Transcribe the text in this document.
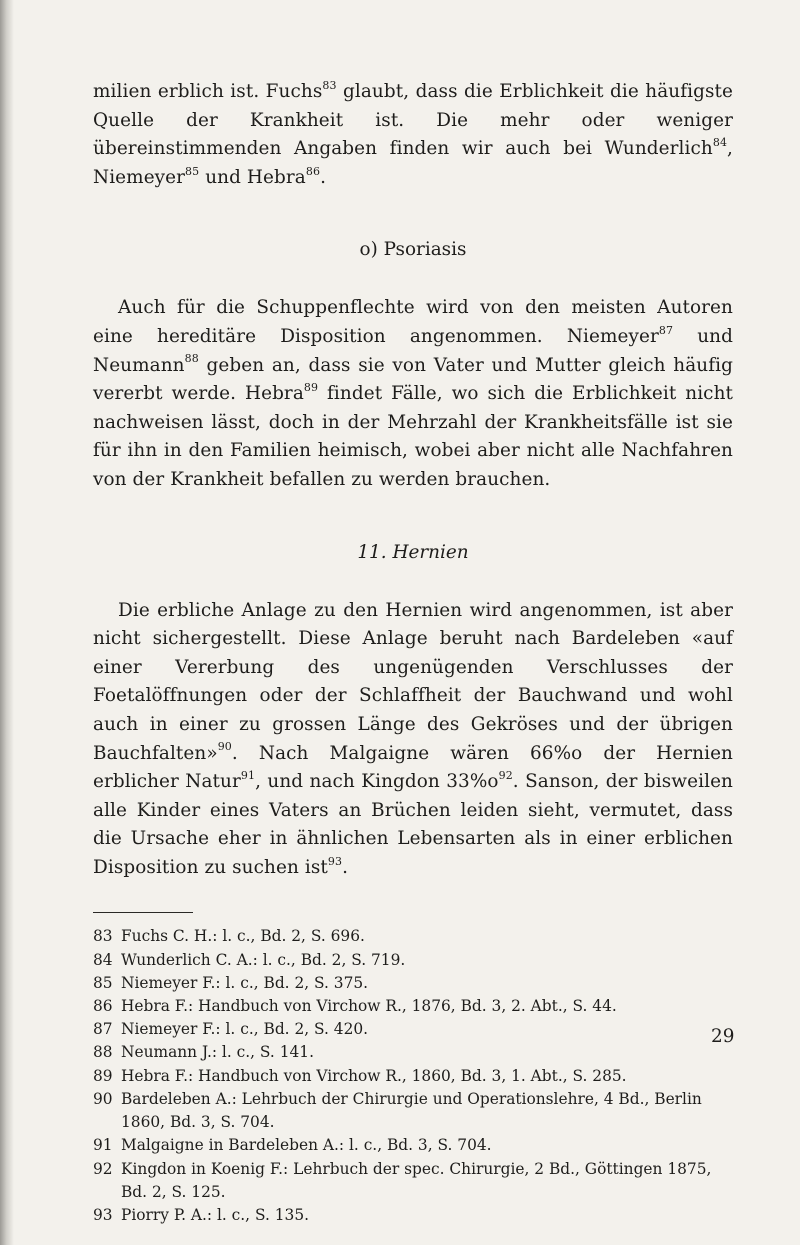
milien erblich ist. Fuchs$^{83}$ glaubt, dass die Erblichkeit die häufigste Quelle der Krankheit ist. Die mehr oder weniger übereinstimmenden Angaben finden wir auch bei Wunderlich$^{84}$, Niemeyer$^{85}$ und Hebra$^{86}$.

o) Psoriasis

Auch für die Schuppenflechte wird von den meisten Autoren eine hereditäre Disposition angenommen. Niemeyer$^{87}$ und Neumann$^{88}$ geben an, dass sie von Vater und Mutter gleich häufig vererbt werde. Hebra$^{89}$ findet Fälle, wo sich die Erblichkeit nicht nachweisen lässt, doch in der Mehrzahl der Krankheitsfälle ist sie für ihn in den Familien heimisch, wobei aber nicht alle Nachfahren von der Krankheit befallen zu werden brauchen.

11. Hernien

Die erbliche Anlage zu den Hernien wird angenommen, ist aber nicht sichergestellt. Diese Anlage beruht nach Bardeleben «auf einer Vererbung des ungenügenden Verschlusses der Foetalöffnungen oder der Schlaffheit der Bauchwand und wohl auch in einer zu grossen Länge des Gekröses und der übrigen Bauchfalten»$^{90}$. Nach Malgaigne wären 66%o der Hernien erblicher Natur$^{91}$, und nach Kingdon $33\%o^{92}$. Sanson, der bisweilen alle Kinder eines Vaters an Brüchen leiden sieht, vermutet, dass die Ursache eher in ähnlichen Lebensarten als in einer erblichen Disposition zu suchen ist$^{93}$.

83 Fuchs C. H.: l. c., Bd. 2, S. 696.
84 Wunderlich C. A.: l. c., Bd. 2, S. 719.
85 Niemeyer F.: l. c., Bd. 2, S. 375.
86 Hebra F.: Handbuch von Virchow R., 1876, Bd. 3, 2. Abt., S. 44.
87 Niemeyer F.: l. c., Bd. 2, S. 420.
88 Neumann J.: l. c., S. 141.
89 Hebra F.: Handbuch von Virchow R., 1860, Bd. 3, 1. Abt., S. 285.
90 Bardeleben A.: Lehrbuch der Chirurgie und Operationslehre, 4 Bd., Berlin 1860, Bd. 3, S. 704.
91 Malgaigne in Bardeleben A.: l. c., Bd. 3, S. 704.
92 Kingdon in Koenig F.: Lehrbuch der spec. Chirurgie, 2 Bd., Göttingen 1875, Bd. 2, S. 125.
93 Piorry P. A.: l. c., S. 135.
29
